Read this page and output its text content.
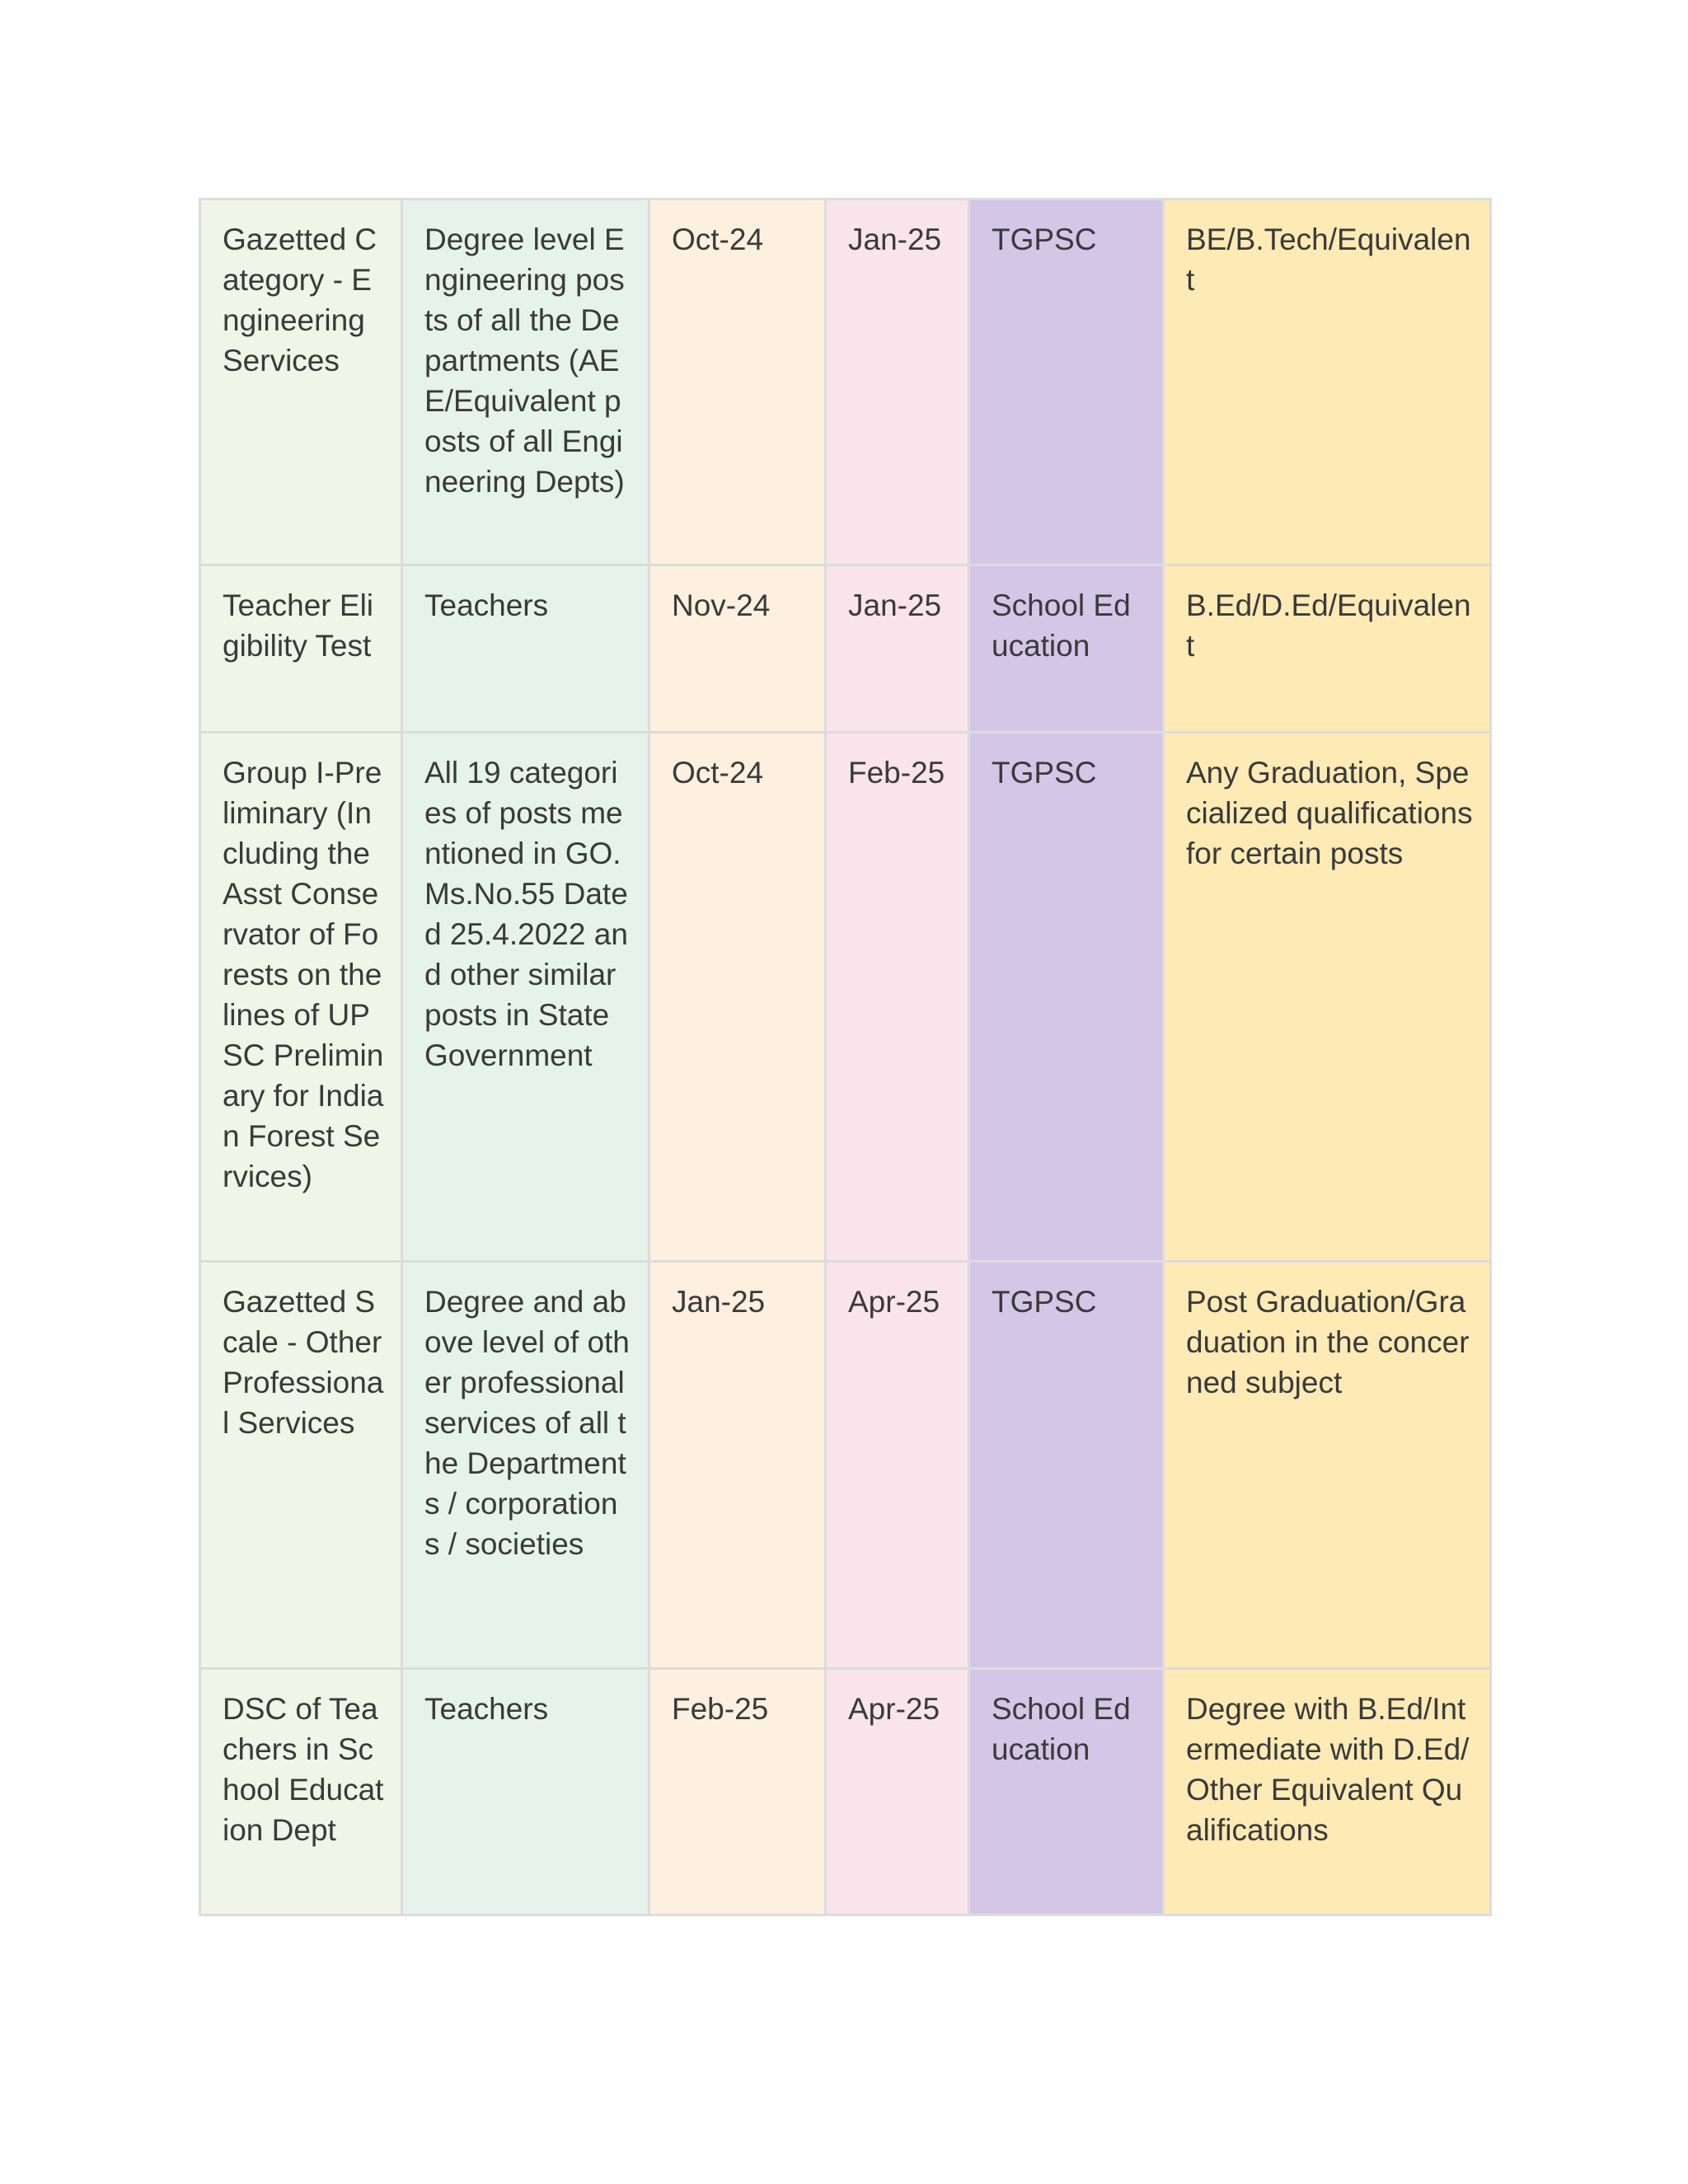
Gazetted Category - Engineering Services	Degree level Engineering posts of all the Departments (AEE/Equivalent posts of all Engineering Depts)	Oct-24	Jan-25	TGPSC	BE/B.Tech/Equivalent
Teacher Eligibility Test	Teachers	Nov-24	Jan-25	School Education	B.Ed/D.Ed/Equivalent
Group I-Preliminary (Including the Asst Conservator of Forests on the lines of UPSC Preliminary for Indian Forest Services)	All 19 categories of posts mentioned in GO.Ms.No.55 Dated 25.4.2022 and other similar posts in State Government	Oct-24	Feb-25	TGPSC	Any Graduation, Specialized qualifications for certain posts
Gazetted Scale - Other Professional Services	Degree and above level of other professional services of all the Departments / corporations / societies	Jan-25	Apr-25	TGPSC	Post Graduation/Graduation in the concerned subject
DSC of Teachers in School Education Dept	Teachers	Feb-25	Apr-25	School Education	Degree with B.Ed/Intermediate with D.Ed/Other Equivalent Qualifications
